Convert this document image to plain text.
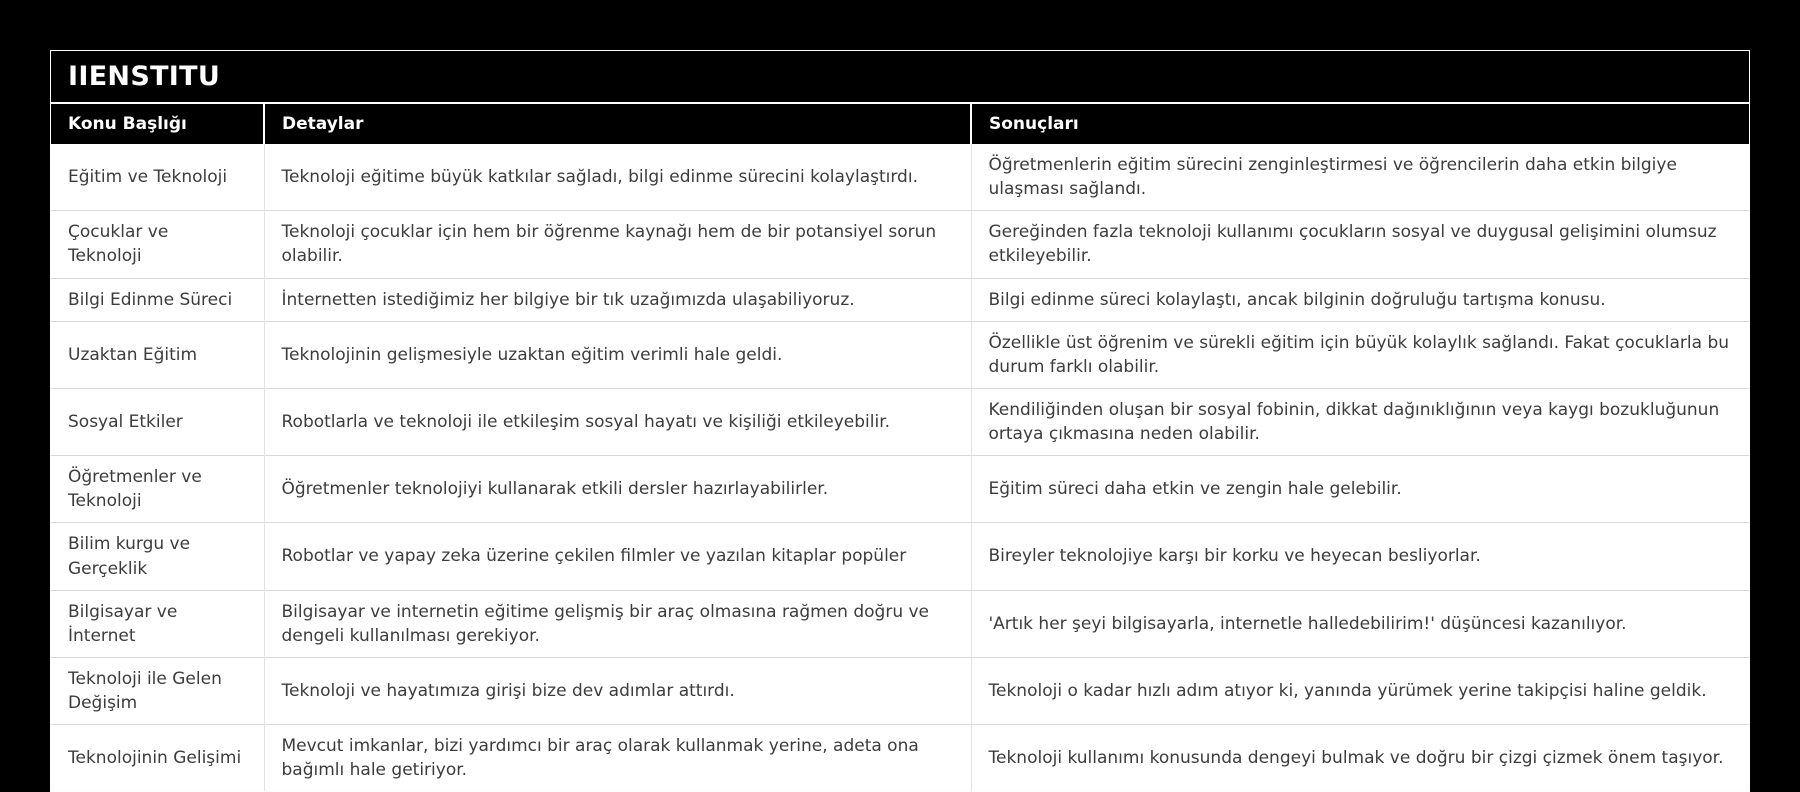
IIENSTITU
Konu Başlığı	Detaylar	Sonuçları
Eğitim ve Teknoloji	Teknoloji eğitime büyük katkılar sağladı, bilgi edinme sürecini kolaylaştırdı.	Öğretmenlerin eğitim sürecini zenginleştirmesi ve öğrencilerin daha etkin bilgiye ulaşması sağlandı.
Çocuklar ve Teknoloji	Teknoloji çocuklar için hem bir öğrenme kaynağı hem de bir potansiyel sorun olabilir.	Gereğinden fazla teknoloji kullanımı çocukların sosyal ve duygusal gelişimini olumsuz etkileyebilir.
Bilgi Edinme Süreci	İnternetten istediğimiz her bilgiye bir tık uzağımızda ulaşabiliyoruz.	Bilgi edinme süreci kolaylaştı, ancak bilginin doğruluğu tartışma konusu.
Uzaktan Eğitim	Teknolojinin gelişmesiyle uzaktan eğitim verimli hale geldi.	Özellikle üst öğrenim ve sürekli eğitim için büyük kolaylık sağlandı. Fakat çocuklarla bu durum farklı olabilir.
Sosyal Etkiler	Robotlarla ve teknoloji ile etkileşim sosyal hayatı ve kişiliği etkileyebilir.	Kendiliğinden oluşan bir sosyal fobinin, dikkat dağınıklığının veya kaygı bozukluğunun ortaya çıkmasına neden olabilir.
Öğretmenler ve Teknoloji	Öğretmenler teknolojiyi kullanarak etkili dersler hazırlayabilirler.	Eğitim süreci daha etkin ve zengin hale gelebilir.
Bilim kurgu ve Gerçeklik	Robotlar ve yapay zeka üzerine çekilen filmler ve yazılan kitaplar popüler	Bireyler teknolojiye karşı bir korku ve heyecan besliyorlar.
Bilgisayar ve İnternet	Bilgisayar ve internetin eğitime gelişmiş bir araç olmasına rağmen doğru ve dengeli kullanılması gerekiyor.	'Artık her şeyi bilgisayarla, internetle halledebilirim!' düşüncesi kazanılıyor.
Teknoloji ile Gelen Değişim	Teknoloji ve hayatımıza girişi bize dev adımlar attırdı.	Teknoloji o kadar hızlı adım atıyor ki, yanında yürümek yerine takipçisi haline geldik.
Teknolojinin Gelişimi	Mevcut imkanlar, bizi yardımcı bir araç olarak kullanmak yerine, adeta ona bağımlı hale getiriyor.	Teknoloji kullanımı konusunda dengeyi bulmak ve doğru bir çizgi çizmek önem taşıyor.
